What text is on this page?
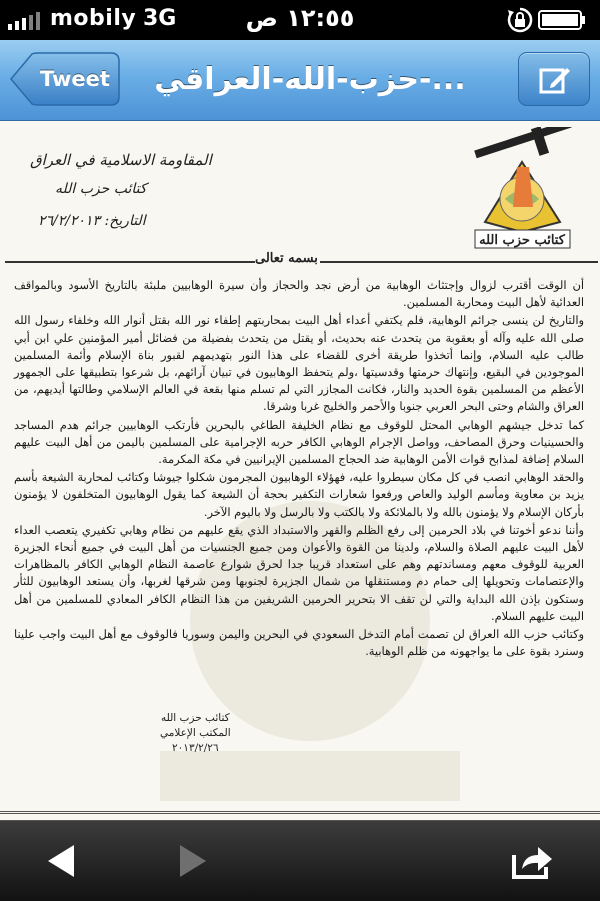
mobily 3G	١٢:٥٥ ص
Tweet	حزب-الله-العراقي-...
المقاومة الاسلامية في العراق
كتائب حزب الله
التاريخ: ٢٦/٢/٢٠١٣
كتائب حزب الله
بسمه تعالى

أن الوقت أقترب لزوال وإجتثاث الوهابية من أرض نجد والحجاز وأن سيرة الوهابيين ملبئة بالتاريخ الأسود وبالمواقف العدائية لأهل البيت ومحاربة المسلمين.

والتاريخ لن ينسى جرائم الوهابية، فلم يكتفي أعداء أهل البيت بمحاربتهم إطفاء نور الله بقتل أنوار الله وخلفاء رسول الله صلى الله عليه وآله أو بعقوبة من يتحدث عنه بحديث، أو يقتل من يتحدث بفضيلة من فضائل أمير المؤمنين علي ابن أبي طالب عليه السلام، وإنما أتخذوا طريقة أخرى للقضاء على هذا النور بتهديمهم لقبور بناة الإسلام وأئمة المسلمين الموجودين في البقيع، وإنتهاك حرمتها وقدسيتها ،ولم يتحفظ الوهابيون في تبيان آرائهم، بل شرعوا بتطبيقها على الجمهور الأعظم من المسلمين بقوة الحديد والنار، فكانت المجازر التي لم تسلم منها بقعة في العالم الإسلامي وطالتها أيديهم، من العراق والشام وحتى البحر العربي جنوبا والأحمر والخليج غربا وشرقا.

كما تدخل جيشهم الوهابي المحتل للوقوف مع نظام الخليفة الطاغي بالبحرين فأرتكب الوهابيين جرائم هدم المساجد والحسينيات وحرق المصاحف، وواصل الإجرام الوهابي الكافر حربه الإجرامية على المسلمين باليمن من أهل البيت عليهم السلام إضافة لمذابح قوات الأمن الوهابية ضد الحجاج المسلمين الإيرانيين في مكة المكرمة.

والحقد الوهابي انصب في كل مكان سيطروا عليه، فهؤلاء الوهابيون المجرمون شكلوا جيوشا وكتائب لمحاربة الشيعة بأسم يزيد بن معاوية ومأسم الوليد والعاص ورفعوا شعارات التكفير بحجة أن الشيعة كما يقول الوهابيون المتخلفون لا يؤمنون بأركان الإسلام ولا يؤمنون بالله ولا بالملائكة ولا بالكتب ولا بالرسل ولا باليوم الآخر.

وأننا ندعو أخوتنا في بلاد الحرمين إلى رفع الظلم والقهر والاستبداد الذي يقع عليهم من نظام وهابي تكفيري يتعصب العداء لأهل البيت عليهم الصلاة والسلام، ولدينا من القوة والأعوان ومن جميع الجنسيات من أهل البيت في جميع أنحاء الجزيرة العربية للوقوف معهم ومساندتهم وهم على استعداد قريبا جدا لحرق شوارع عاصمة النظام الوهابي الكافر بالمظاهرات والإعتصامات وتحويلها إلى حمام دم ومستنقلها من شمال الجزيرة لجنوبها ومن شرقها لغربها، وأن يستعد الوهابيون للثأر وستكون بإذن الله البداية والتي لن تقف الا بتحرير الحرمين الشريفين من هذا النظام الكافر المعادي للمسلمين من أهل البيت عليهم السلام.

وكتائب حزب الله العراق لن تصمت أمام التدخل السعودي في البحرين واليمن وسوريا فالوقوف مع أهل البيت واجب علينا وسنرد بقوة على ما يواجهونه من ظلم الوهابية.

كتائب حزب الله
المكتب الإعلامي
٢٠١٣/٢/٢٦
